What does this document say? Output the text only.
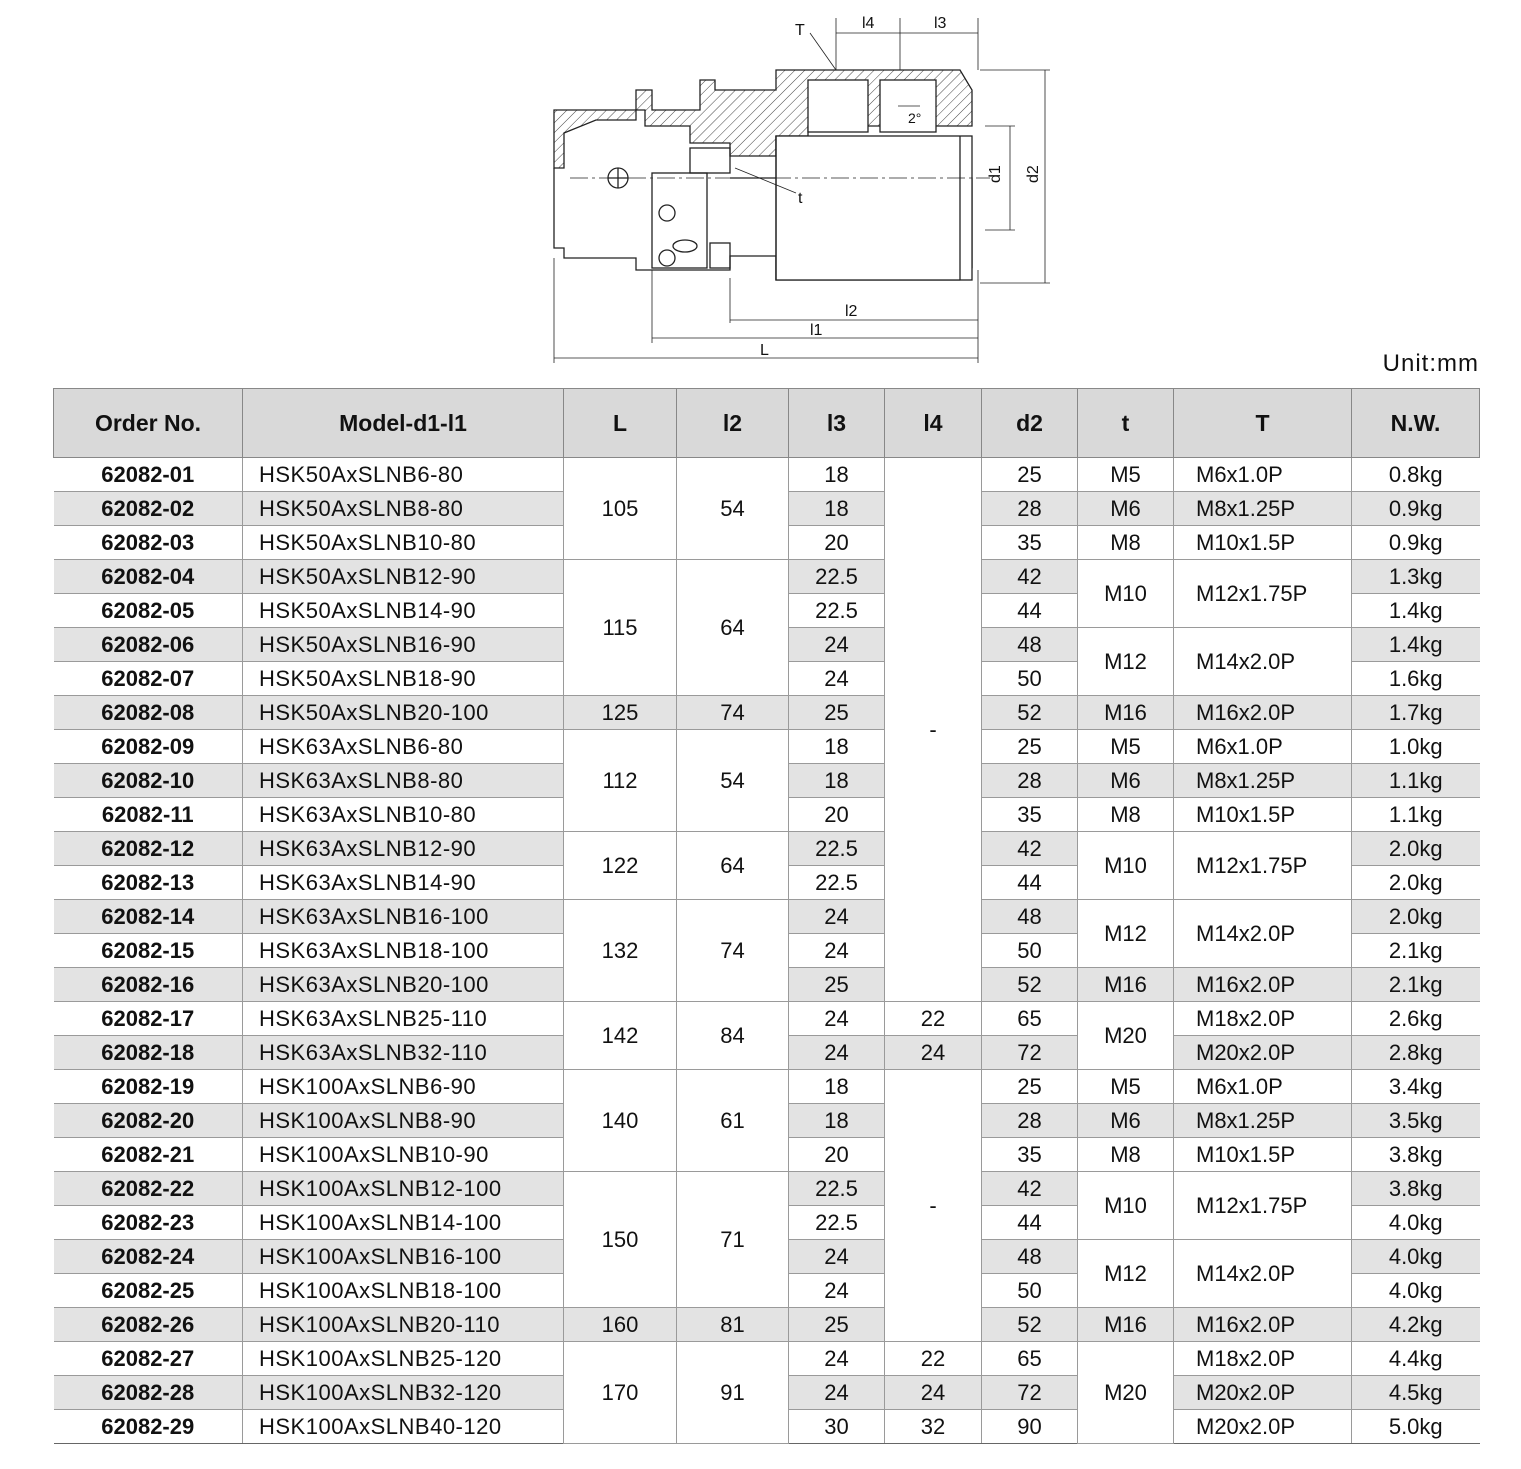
T	l4	l3
2°
t
l2
l1
L
d1 d2
Unit:mm
Order No.	Model-d1-l1	L	l2	l3	l4	d2	t	T	N.W.
62082-01	HSK50AxSLNB6-80	105	54	18	-	25	M5	M6x1.0P	0.8kg
62082-02	HSK50AxSLNB8-80			18		28	M6	M8x1.25P	0.9kg
62082-03	HSK50AxSLNB10-80			20		35	M8	M10x1.5P	0.9kg
62082-04	HSK50AxSLNB12-90	115	64	22.5		42	M10	M12x1.75P	1.3kg
62082-05	HSK50AxSLNB14-90			22.5		44			1.4kg
62082-06	HSK50AxSLNB16-90			24		48	M12	M14x2.0P	1.4kg
62082-07	HSK50AxSLNB18-90			24		50			1.6kg
62082-08	HSK50AxSLNB20-100	125	74	25		52	M16	M16x2.0P	1.7kg
62082-09	HSK63AxSLNB6-80	112	54	18		25	M5	M6x1.0P	1.0kg
62082-10	HSK63AxSLNB8-80			18		28	M6	M8x1.25P	1.1kg
62082-11	HSK63AxSLNB10-80			20		35	M8	M10x1.5P	1.1kg
62082-12	HSK63AxSLNB12-90	122	64	22.5		42	M10	M12x1.75P	2.0kg
62082-13	HSK63AxSLNB14-90			22.5		44			2.0kg
62082-14	HSK63AxSLNB16-100	132	74	24		48	M12	M14x2.0P	2.0kg
62082-15	HSK63AxSLNB18-100			24		50			2.1kg
62082-16	HSK63AxSLNB20-100			25		52	M16	M16x2.0P	2.1kg
62082-17	HSK63AxSLNB25-110	142	84	24	22	65	M20	M18x2.0P	2.6kg
62082-18	HSK63AxSLNB32-110			24	24	72		M20x2.0P	2.8kg
62082-19	HSK100AxSLNB6-90	140	61	18	-	25	M5	M6x1.0P	3.4kg
62082-20	HSK100AxSLNB8-90			18		28	M6	M8x1.25P	3.5kg
62082-21	HSK100AxSLNB10-90			20		35	M8	M10x1.5P	3.8kg
62082-22	HSK100AxSLNB12-100	150	71	22.5		42	M10	M12x1.75P	3.8kg
62082-23	HSK100AxSLNB14-100			22.5		44			4.0kg
62082-24	HSK100AxSLNB16-100			24		48	M12	M14x2.0P	4.0kg
62082-25	HSK100AxSLNB18-100			24		50			4.0kg
62082-26	HSK100AxSLNB20-110	160	81	25		52	M16	M16x2.0P	4.2kg
62082-27	HSK100AxSLNB25-120	170	91	24	22	65	M20	M18x2.0P	4.4kg
62082-28	HSK100AxSLNB32-120			24	24	72		M20x2.0P	4.5kg
62082-29	HSK100AxSLNB40-120			30	32	90		M20x2.0P	5.0kg
